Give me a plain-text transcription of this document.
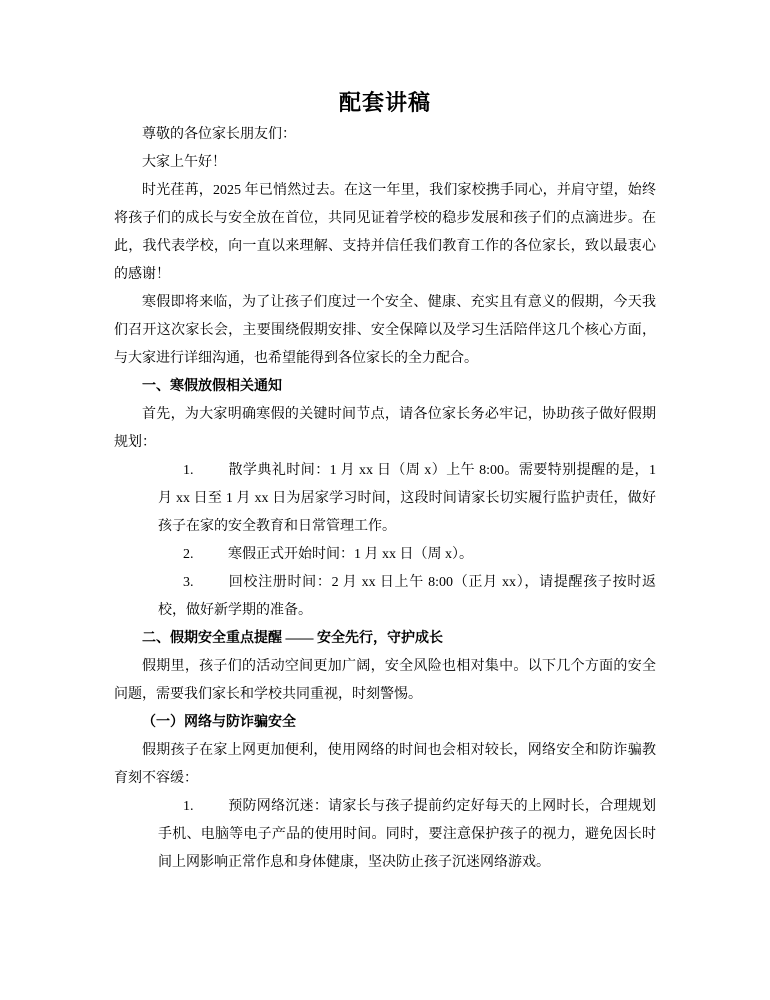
配套讲稿

尊敬的各位家长朋友们：

大家上午好！

时光荏苒，2025 年已悄然过去。在这一年里，我们家校携手同心，并肩守望，始终将孩子们的成长与安全放在首位，共同见证着学校的稳步发展和孩子们的点滴进步。在此，我代表学校，向一直以来理解、支持并信任我们教育工作的各位家长，致以最衷心的感谢！

寒假即将来临，为了让孩子们度过一个安全、健康、充实且有意义的假期，今天我们召开这次家长会，主要围绕假期安排、安全保障以及学习生活陪伴这几个核心方面，与大家进行详细沟通，也希望能得到各位家长的全力配合。

一、寒假放假相关通知

首先，为大家明确寒假的关键时间节点，请各位家长务必牢记，协助孩子做好假期规划：

1. 散学典礼时间：1 月 xx 日（周 x）上午 8:00。需要特别提醒的是，1 月 xx 日至 1 月 xx 日为居家学习时间，这段时间请家长切实履行监护责任，做好孩子在家的安全教育和日常管理工作。
2. 寒假正式开始时间：1 月 xx 日（周 x）。
3. 回校注册时间：2 月 xx 日上午 8:00（正月 xx），请提醒孩子按时返校，做好新学期的准备。

二、假期安全重点提醒 —— 安全先行，守护成长

假期里，孩子们的活动空间更加广阔，安全风险也相对集中。以下几个方面的安全问题，需要我们家长和学校共同重视，时刻警惕。

（一）网络与防诈骗安全

假期孩子在家上网更加便利，使用网络的时间也会相对较长，网络安全和防诈骗教育刻不容缓：

1. 预防网络沉迷：请家长与孩子提前约定好每天的上网时长，合理规划手机、电脑等电子产品的使用时间。同时，要注意保护孩子的视力，避免因长时间上网影响正常作息和身体健康，坚决防止孩子沉迷网络游戏。
